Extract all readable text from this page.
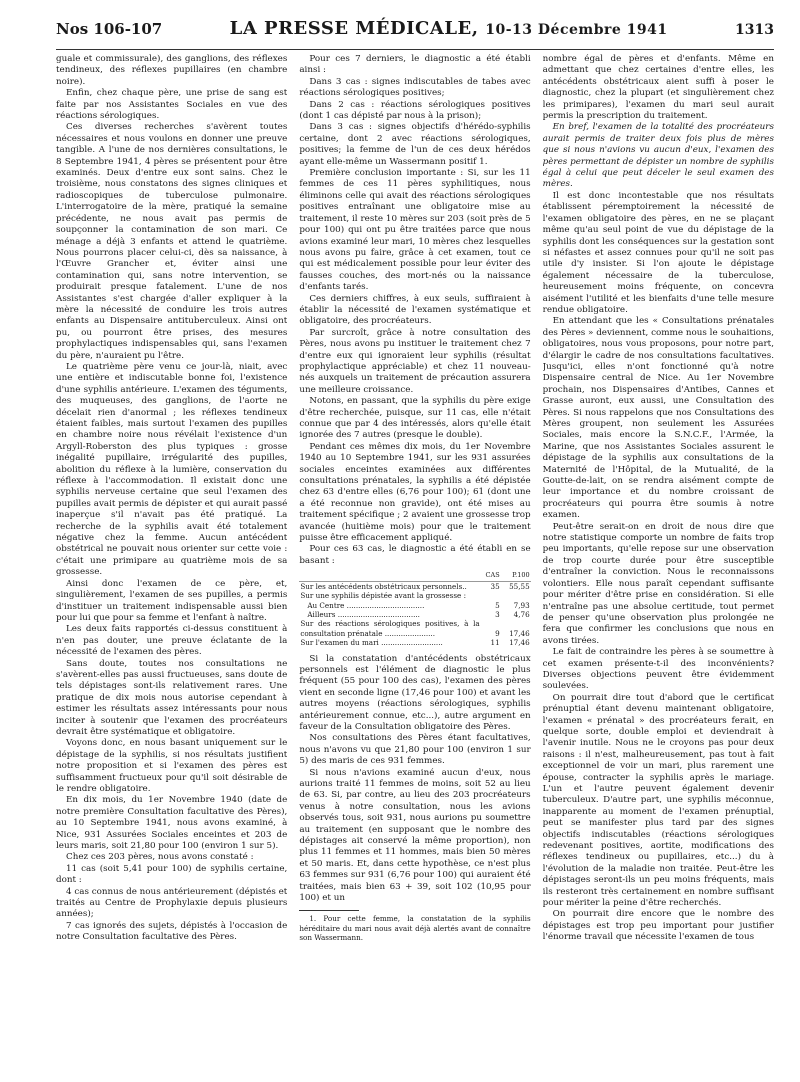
Nos 106-107	LA PRESSE MÉDICALE, 10-13 Décembre 1941	1313

guale et commissurale), des ganglions, des réflexes tendineux, des réflexes pupillaires (en chambre noire).

Enfin, chez chaque père, une prise de sang est faite par nos Assistantes Sociales en vue des réactions sérologiques.

Ces diverses recherches s'avèrent toutes nécessaires et nous voulons en donner une preuve tangible. A l'une de nos dernières consultations, le 8 Septembre 1941, 4 pères se présentent pour être examinés. Deux d'entre eux sont sains. Chez le troisième, nous constatons des signes cliniques et radioscopiques de tuberculose pulmonaire. L'interrogatoire de la mère, pratiqué la semaine précédente, ne nous avait pas permis de soupçonner la contamination de son mari. Ce ménage a déjà 3 enfants et attend le quatrième. Nous pourrons placer celui-ci, dès sa naissance, à l'Œuvre Grancher et, éviter ainsi une contamination qui, sans notre intervention, se produirait presque fatalement. L'une de nos Assistantes s'est chargée d'aller expliquer à la mère la nécessité de conduire les trois autres enfants au Dispensaire antituberculeux. Ainsi ont pu, ou pourront être prises, des mesures prophylactiques indispensables qui, sans l'examen du père, n'auraient pu l'être.

Le quatrième père venu ce jour-là, niait, avec une entière et indiscutable bonne foi, l'existence d'une syphilis antérieure. L'examen des téguments, des muqueuses, des ganglions, de l'aorte ne décelait rien d'anormal ; les réflexes tendineux étaient faibles, mais surtout l'examen des pupilles en chambre noire nous révélait l'existence d'un Argyll-Roberston des plus typiques : grosse inégalité pupillaire, irrégularité des pupilles, abolition du réflexe à la lumière, conservation du réflexe à l'accommodation. Il existait donc une syphilis nerveuse certaine que seul l'examen des pupilles avait permis de dépister et qui aurait passé inaperçue s'il n'avait pas été pratiqué. La recherche de la syphilis avait été totalement négative chez la femme. Aucun antécédent obstétrical ne pouvait nous orienter sur cette voie : c'était une primipare au quatrième mois de sa grossesse.

Ainsi donc l'examen de ce père, et, singulièrement, l'examen de ses pupilles, a permis d'instituer un traitement indispensable aussi bien pour lui que pour sa femme et l'enfant à naître.

Les deux faits rapportés ci-dessus constituent à n'en pas douter, une preuve éclatante de la nécessité de l'examen des pères.

Sans doute, toutes nos consultations ne s'avèrent-elles pas aussi fructueuses, sans doute de tels dépistages sont-ils relativement rares. Une pratique de dix mois nous autorise cependant à estimer les résultats assez intéressants pour nous inciter à soutenir que l'examen des procréateurs devrait être systématique et obligatoire.

Voyons donc, en nous basant uniquement sur le dépistage de la syphilis, si nos résultats justifient notre proposition et si l'examen des pères est suffisamment fructueux pour qu'il soit désirable de le rendre obligatoire.

En dix mois, du 1er Novembre 1940 (date de notre première Consultation facultative des Pères), au 10 Septembre 1941, nous avons examiné, à Nice, 931 Assurées Sociales enceintes et 203 de leurs maris, soit 21,80 pour 100 (environ 1 sur 5).

Chez ces 203 pères, nous avons constaté :

11 cas (soit 5,41 pour 100) de syphilis certaine, dont :

4 cas connus de nous antérieurement (dépistés et traités au Centre de Prophylaxie depuis plusieurs années);

7 cas ignorés des sujets, dépistés à l'occasion de notre Consultation facultative des Pères.

Pour ces 7 derniers, le diagnostic a été établi ainsi :

Dans 3 cas : signes indiscutables de tabes avec réactions sérologiques positives;

Dans 2 cas : réactions sérologiques positives (dont 1 cas dépisté par nous à la prison);

Dans 3 cas : signes objectifs d'hérédo-syphilis certaine, dont 2 avec réactions sérologiques, positives; la femme de l'un de ces deux hérédos ayant elle-même un Wassermann positif 1.

Première conclusion importante : Si, sur les 11 femmes de ces 11 pères syphilitiques, nous éliminons celle qui avait des réactions sérologiques positives entraînant une obligatoire mise au traitement, il reste 10 mères sur 203 (soit près de 5 pour 100) qui ont pu être traitées parce que nous avions examiné leur mari, 10 mères chez lesquelles nous avons pu faire, grâce à cet examen, tout ce qui est médicalement possible pour leur éviter des fausses couches, des mort-nés ou la naissance d'enfants tarés.

Ces derniers chiffres, à eux seuls, suffiraient à établir la nécessité de l'examen systématique et obligatoire, des procréateurs.

Par surcroît, grâce à notre consultation des Pères, nous avons pu instituer le traitement chez 7 d'entre eux qui ignoraient leur syphilis (résultat prophylactique appréciable) et chez 11 nouveau-nés auxquels un traitement de précaution assurera une meilleure croissance.

Notons, en passant, que la syphilis du père exige d'être recherchée, puisque, sur 11 cas, elle n'était connue que par 4 des intéressés, alors qu'elle était ignorée des 7 autres (presque le double).

Pendant ces mêmes dix mois, du 1er Novembre 1940 au 10 Septembre 1941, sur les 931 assurées sociales enceintes examinées aux différentes consultations prénatales, la syphilis a été dépistée chez 63 d'entre elles (6,76 pour 100); 61 (dont une a été reconnue non gravide), ont été mises au traitement spécifique ; 2 avaient une grossesse trop avancée (huitième mois) pour que le traitement puisse être efficacement appliqué.

Pour ces 63 cas, le diagnostic a été établi en se basant :

	CAS	P.100
Sur les antécédents obstétricaux personnels..	35	55,55
Sur une syphilis dépistée avant la grossesse :		
Au Centre ..................................	5	7,93
Ailleurs ....................................	3	4,76
Sur des réactions sérologiques positives, à la consultation prénatale ......................	9	17,46
Sur l'examen du mari ...........................	11	17,46

Si la constatation d'antécédents obstétricaux personnels est l'élément de diagnostic le plus fréquent (55 pour 100 des cas), l'examen des pères vient en seconde ligne (17,46 pour 100) et avant les autres moyens (réactions sérologiques, syphilis antérieurement connue, etc...), autre argument en faveur de la Consultation obligatoire des Pères.

Nos consultations des Pères étant facultatives, nous n'avons vu que 21,80 pour 100 (environ 1 sur 5) des maris de ces 931 femmes.

Si nous n'avions examiné aucun d'eux, nous aurions traité 11 femmes de moins, soit 52 au lieu de 63. Si, par contre, au lieu des 203 procréateurs venus à notre consultation, nous les avions observés tous, soit 931, nous aurions pu soumettre au traitement (en supposant que le nombre des dépistages ait conservé la même proportion), non plus 11 femmes et 11 hommes, mais bien 50 mères et 50 maris. Et, dans cette hypothèse, ce n'est plus 63 femmes sur 931 (6,76 pour 100) qui auraient été traitées, mais bien 63 + 39, soit 102 (10,95 pour 100) et un

1. Pour cette femme, la constatation de la syphilis héréditaire du mari nous avait déjà alertés avant de connaître son Wassermann.

nombre égal de pères et d'enfants. Même en admettant que chez certaines d'entre elles, les antécédents obstétricaux aient suffi à poser le diagnostic, chez la plupart (et singulièrement chez les primipares), l'examen du mari seul aurait permis la prescription du traitement.

En bref, l'examen de la totalité des procréateurs aurait permis de traiter deux fois plus de mères que si nous n'avions vu aucun d'eux, l'examen des pères permettant de dépister un nombre de syphilis égal à celui que peut déceler le seul examen des mères.

Il est donc incontestable que nos résultats établissent péremptoirement la nécessité de l'examen obligatoire des pères, en ne se plaçant même qu'au seul point de vue du dépistage de la syphilis dont les conséquences sur la gestation sont si néfastes et assez connues pour qu'il ne soit pas utile d'y insister. Si l'on ajoute le dépistage également nécessaire de la tuberculose, heureusement moins fréquente, on concevra aisément l'utilité et les bienfaits d'une telle mesure rendue obligatoire.

En attendant que les « Consultations prénatales des Pères » deviennent, comme nous le souhaitions, obligatoires, nous vous proposons, pour notre part, d'élargir le cadre de nos consultations facultatives. Jusqu'ici, elles n'ont fonctionné qu'à notre Dispensaire central de Nice. Au 1er Novembre prochain, nos Dispensaires d'Antibes, Cannes et Grasse auront, eux aussi, une Consultation des Pères. Si nous rappelons que nos Consultations des Mères groupent, non seulement les Assurées Sociales, mais encore la S.N.C.F., l'Armée, la Marine, que nos Assistantes Sociales assurent le dépistage de la syphilis aux consultations de la Maternité de l'Hôpital, de la Mutualité, de la Goutte-de-lait, on se rendra aisément compte de leur importance et du nombre croissant de procréateurs qui pourra être soumis à notre examen.

Peut-être serait-on en droit de nous dire que notre statistique comporte un nombre de faits trop peu importants, qu'elle repose sur une observation de trop courte durée pour être susceptible d'entraîner la conviction. Nous le reconnaissons volontiers. Elle nous paraît cependant suffisante pour mériter d'être prise en considération. Si elle n'entraîne pas une absolue certitude, tout permet de penser qu'une observation plus prolongée ne fera que confirmer les conclusions que nous en avons tirées.

Le fait de contraindre les pères à se soumettre à cet examen présente-t-il des inconvénients? Diverses objections peuvent être évidemment soulevées.

On pourrait dire tout d'abord que le certificat prénuptial étant devenu maintenant obligatoire, l'examen « prénatal » des procréateurs ferait, en quelque sorte, double emploi et deviendrait à l'avenir inutile. Nous ne le croyons pas pour deux raisons : il n'est, malheureusement, pas tout à fait exceptionnel de voir un mari, plus rarement une épouse, contracter la syphilis après le mariage. L'un et l'autre peuvent également devenir tuberculeux. D'autre part, une syphilis méconnue, inapparente au moment de l'examen prénuptial, peut se manifester plus tard par des signes objectifs indiscutables (réactions sérologiques redevenant positives, aortite, modifications des réflexes tendineux ou pupillaires, etc...) du à l'évolution de la maladie non traitée. Peut-être les dépistages seront-ils un peu moins fréquents, mais ils resteront très certainement en nombre suffisant pour mériter la peine d'être recherchés.

On pourrait dire encore que le nombre des dépistages est trop peu important pour justifier l'énorme travail que nécessite l'examen de tous
